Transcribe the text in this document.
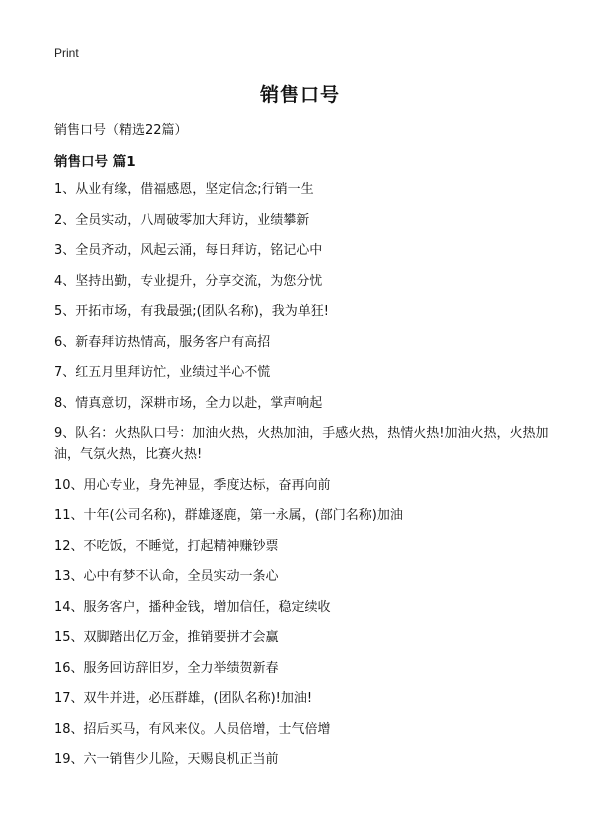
Print
销售口号
销售口号（精选22篇）
销售口号 篇1
1、从业有缘，借福感恩，坚定信念;行销一生
2、全员实动，八周破零加大拜访，业绩攀新
3、全员齐动，风起云涌，每日拜访，铭记心中
4、坚持出勤，专业提升，分享交流，为您分忧
5、开拓市场，有我最强;(团队名称)，我为单狂!
6、新春拜访热情高，服务客户有高招
7、红五月里拜访忙，业绩过半心不慌
8、情真意切，深耕市场，全力以赴，掌声响起
9、队名：火热队口号：加油火热，火热加油，手感火热，热情火热!加油火热，火热加油，气氛火热，比赛火热!
10、用心专业，身先神显，季度达标，奋再向前
11、十年(公司名称)，群雄逐鹿，第一永属，(部门名称)加油
12、不吃饭，不睡觉，打起精神赚钞票
13、心中有梦不认命，全员实动一条心
14、服务客户，播种金钱，增加信任，稳定续收
15、双脚踏出亿万金，推销要拼才会赢
16、服务回访辞旧岁，全力举绩贺新春
17、双牛并进，必压群雄，(团队名称)!加油!
18、招后买马，有风来仪。人员倍增，士气倍增
19、六一销售少儿险，天赐良机正当前
